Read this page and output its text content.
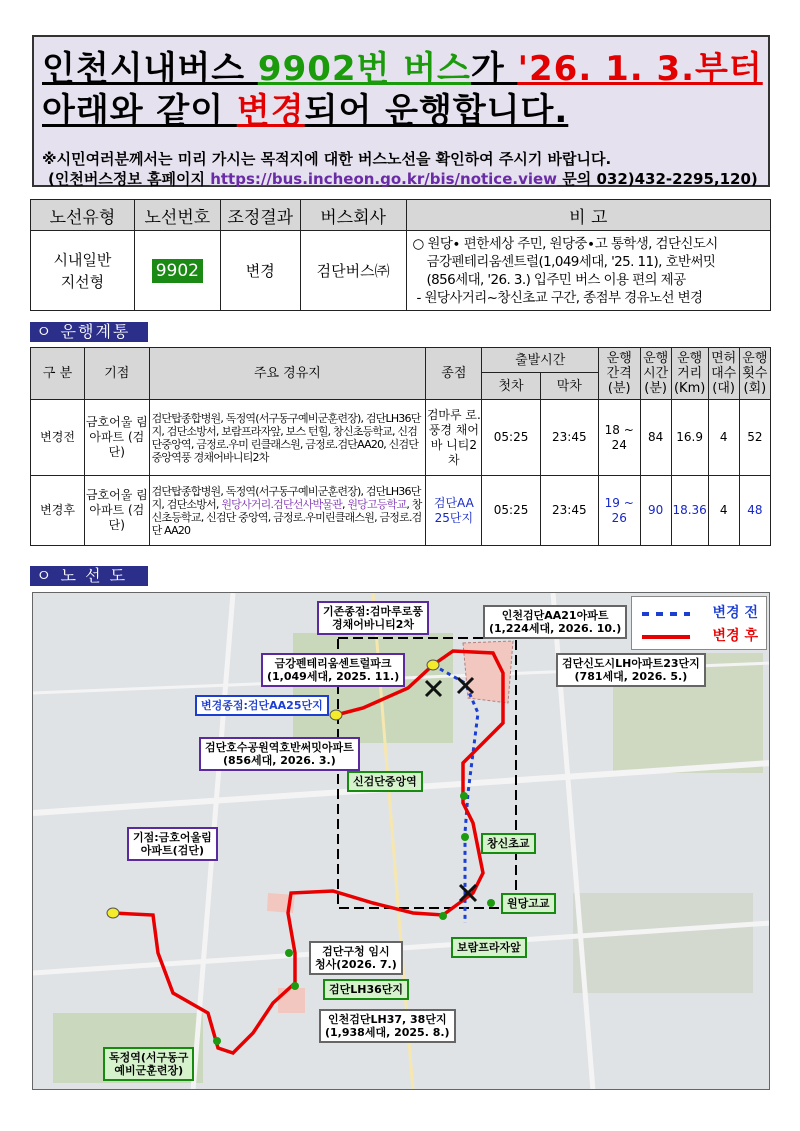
인천시내버스 9902번 버스가 '26. 1. 3.부터
아래와 같이 변경되어 운행합니다.
※시민여러분께서는 미리 가시는 목적지에 대한 버스노선을 확인하여 주시기 바랍니다.
(인천버스정보 홈페이지 https://bus.incheon.go.kr/bis/notice.view 문의 032)432-2295,120)
노선유형	노선번호	조정결과	버스회사	비 고
시내일반 지선형	9902	변경	검단버스㈜	○ 원당∙ 편한세상 주민, 원당중∙고 통학생, 검단신도시
금강펜테리움센트럴(1,049세대, '25. 11), 호반써밋
(856세대, '26. 3.) 입주민 버스 이용 편의 제공
- 원당사거리~창신초교 구간, 종점부 경유노선 변경
ㅇ 운행계통
구 분	기점	주요 경유지	종점	출발시간		운행 간격 (분)	운행 시간 (분)	운행 거리 (Km)	면허 대수 (대)	운행 횟수 (회)
				첫차	막차					
변경전	금호어울 림아파트 (검단)	검단탑종합병원, 독정역(서구동구예비군훈련장), 검단LH36단지, 검단소방서, 보람프라자앞, 보스 턴힐, 창신초등학교, 신검단중앙역, 금정로.우미 린클래스원, 금정로.검단AA20, 신검단중앙역풍 경채어바니티2차	검마루 로.풍경 채어바 니티2차	05:25	23:45	18 ~ 24	84	16.9	4	52
변경후	금호어울 림아파트 (검단)	검단탑종합병원, 독정역(서구동구예비군훈련장), 검단LH36단지, 검단소방서, 원당사거리.검단선사박물관, 원당고등학교, 창신초등학교, 신검단 중앙역, 금정로.우미린클래스원, 금정로.검단 AA20	검단AA 25단지	05:25	23:45	19 ~ 26	90	18.36	4	48
ㅇ 노 선 도
변경 전
변경 후
기존종점:검마루로풍
경채어바니티2차
인천검단AA21아파트
(1,224세대, 2026. 10.)
금강펜테리움센트럴파크
(1,049세대, 2025. 11.)
검단신도시LH아파트23단지
(781세대, 2026. 5.)
변경종점:검단AA25단지
검단호수공원역호반써밋아파트
(856세대, 2026. 3.)
신검단중앙역
기점:금호어울림
아파트(검단)
창신초교
원당고교
보람프라자앞
검단구청 임시
청사(2026. 7.)
검단LH36단지
인천검단LH37, 38단지
(1,938세대, 2025. 8.)
독정역(서구동구
예비군훈련장)
